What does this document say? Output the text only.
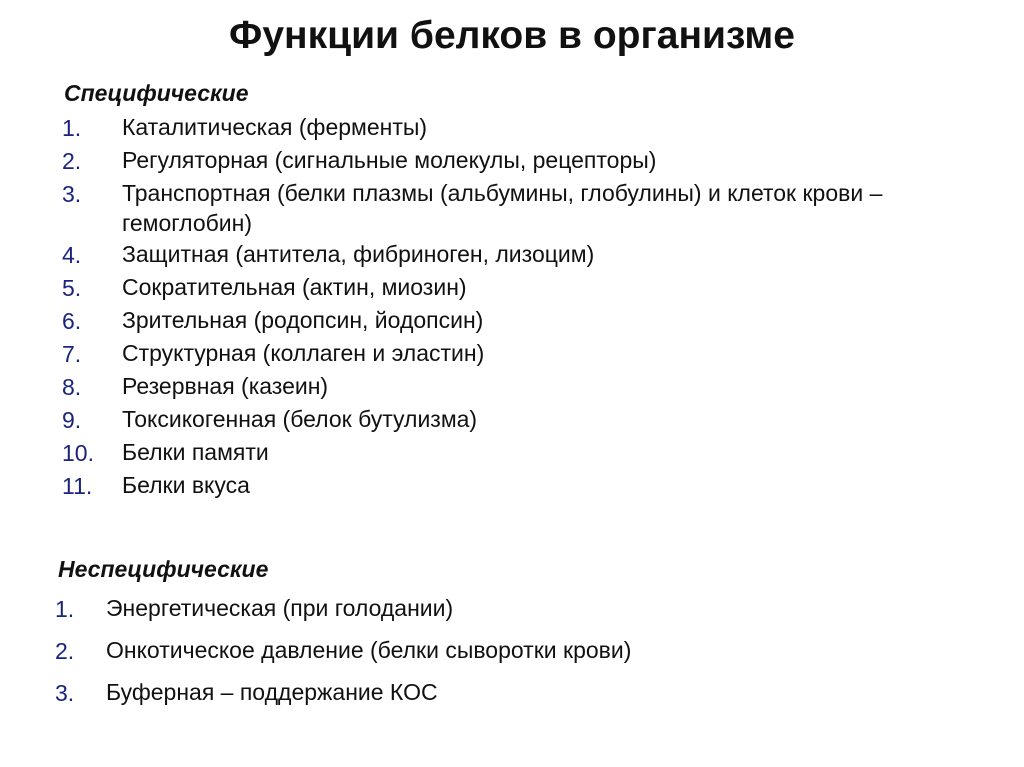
Функции белков в организме
Специфические
1.	Каталитическая (ферменты)
2.	Регуляторная (сигнальные молекулы, рецепторы)
3.	Транспортная (белки плазмы (альбумины, глобулины) и клеток крови – гемоглобин)
4.	Защитная (антитела, фибриноген, лизоцим)
5.	Сократительная (актин, миозин)
6.	Зрительная (родопсин, йодопсин)
7.	Структурная (коллаген и эластин)
8.	Резервная (казеин)
9.	Токсикогенная (белок бутулизма)
10.	Белки памяти
11.	Белки вкуса
Неспецифические
1.	Энергетическая (при голодании)
2.	Онкотическое давление (белки сыворотки крови)
3.	Буферная – поддержание КОС
